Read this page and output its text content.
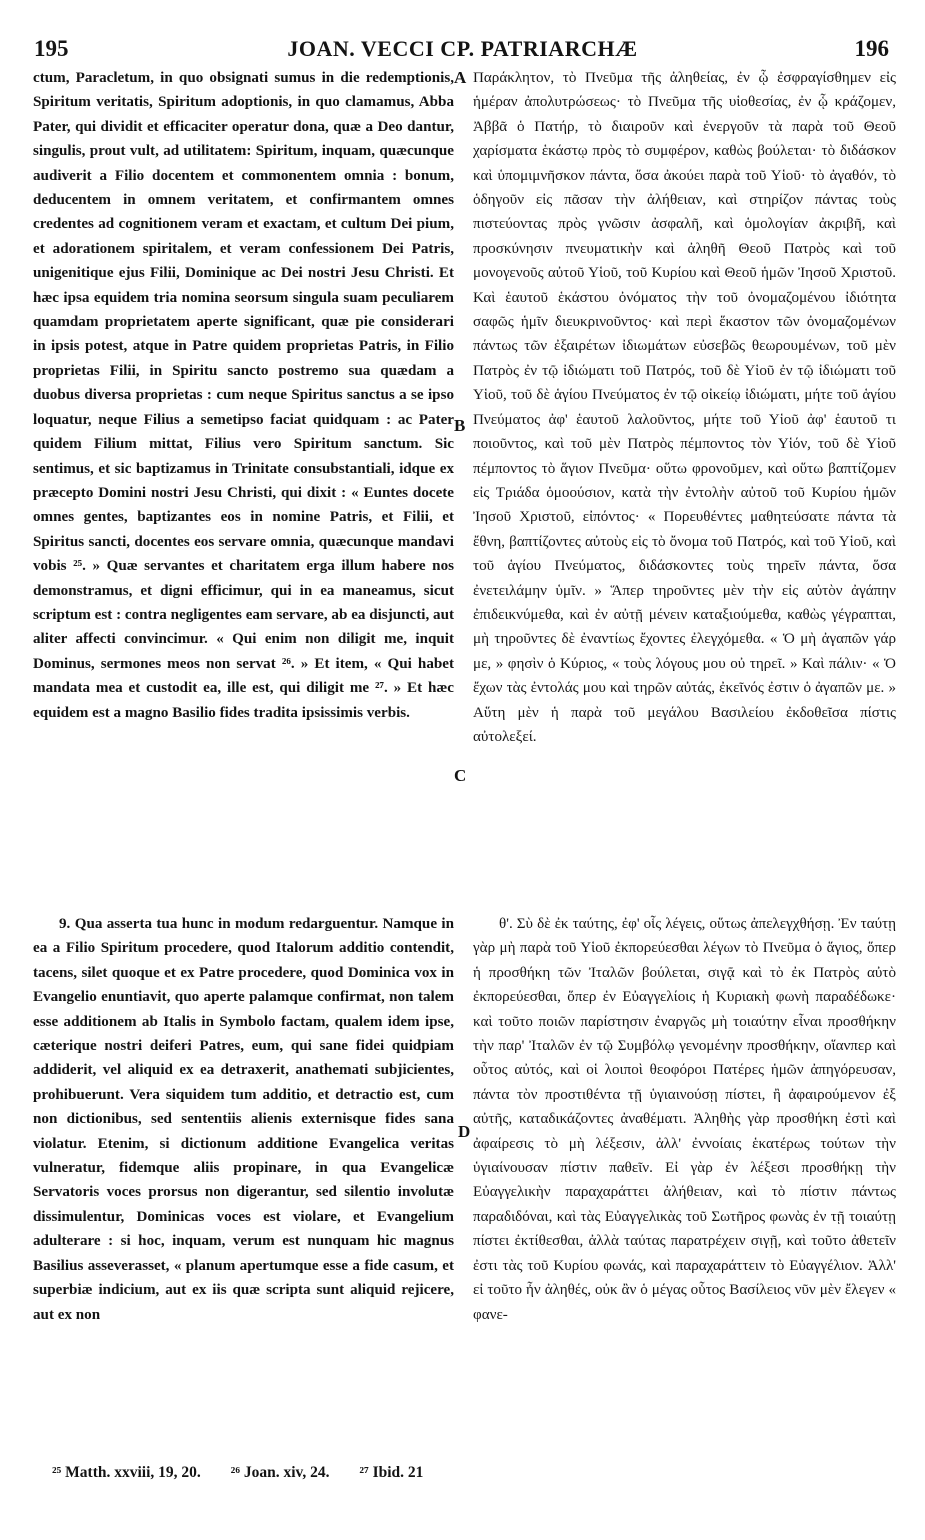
195	JOAN. VECCI CP. PATRIARCHÆ	196

ctum, Paracletum, in quo obsignati sumus in die redemptionis, Spiritum veritatis, Spiritum adoptionis, in quo clamamus, Abba Pater, qui dividit et efficaciter operatur dona, quæ a Deo dantur, singulis, prout vult, ad utilitatem: Spiritum, inquam, quæcunque audiverit a Filio docentem et commonentem omnia : bonum, deducentem in omnem veritatem, et confirmantem omnes credentes ad cognitionem veram et exactam, et cultum Dei pium, et adorationem spiritalem, et veram confessionem Dei Patris, unigenitique ejus Filii, Dominique ac Dei nostri Jesu Christi. Et hæc ipsa equidem tria nomina seorsum singula suam peculiarem quamdam proprietatem aperte significant, quæ pie considerari in ipsis potest, atque in Patre quidem proprietas Patris, in Filio proprietas Filii, in Spiritu sancto postremo sua quædam a duobus diversa proprietas : cum neque Spiritus sanctus a se ipso loquatur, neque Filius a semetipso faciat quidquam : ac Pater quidem Filium mittat, Filius vero Spiritum sanctum. Sic sentimus, et sic baptizamus in Trinitate consubstantiali, idque ex præcepto Domini nostri Jesu Christi, qui dixit : « Euntes docete omnes gentes, baptizantes eos in nomine Patris, et Filii, et Spiritus sancti, docentes eos servare omnia, quæcunque mandavi vobis ²⁵. » Quæ servantes et charitatem erga illum habere nos demonstramus, et digni efficimur, qui in ea maneamus, sicut scriptum est : contra negligentes eam servare, ab ea disjuncti, aut aliter affecti convincimur. « Qui enim non diligit me, inquit Dominus, sermones meos non servat ²⁶. » Et item, « Qui habet mandata mea et custodit ea, ille est, qui diligit me ²⁷. » Et hæc equidem est a magno Basilio fides tradita ipsissimis verbis.

9. Qua asserta tua hunc in modum redarguentur. Namque in ea a Filio Spiritum procedere, quod Italorum additio contendit, tacens, silet quoque et ex Patre procedere, quod Dominica vox in Evangelio enuntiavit, quo aperte palamque confirmat, non talem esse additionem ab Italis in Symbolo factam, qualem idem ipse, cæterique nostri deiferi Patres, eum, qui sane fidei quidpiam addiderit, vel aliquid ex ea detraxerit, anathemati subjicientes, prohibuerunt. Vera siquidem tum additio, et detractio est, cum non dictionibus, sed sententiis alienis externisque fides sana violatur. Etenim, si dictionum additione Evangelica veritas vulneratur, fidemque aliis propinare, in qua Evangelicæ Servatoris voces prorsus non digerantur, sed silentio involutæ dissimulentur, Dominicas voces est violare, et Evangelium adulterare : si hoc, inquam, verum est nunquam hic magnus Basilius asseverasset, « planum apertumque esse a fide casum, et superbiæ indicium, aut ex iis quæ scripta sunt aliquid rejicere, aut ex non

Παράκλητον, τὸ Πνεῦμα τῆς ἀληθείας, ἐν ᾧ ἐσφραγίσθημεν εἰς ἡμέραν ἀπολυτρώσεως· τὸ Πνεῦμα τῆς υἱοθεσίας, ἐν ᾧ κράζομεν, Ἀββᾶ ὁ Πατήρ, τὸ διαιροῦν καὶ ἐνεργοῦν τὰ παρὰ τοῦ Θεοῦ χαρίσματα ἑκάστῳ πρὸς τὸ συμφέρον, καθὼς βούλεται· τὸ διδάσκον καὶ ὑπομιμνῆσκον πάντα, ὅσα ἀκούει παρὰ τοῦ Υἱοῦ· τὸ ἀγαθόν, τὸ ὁδηγοῦν εἰς πᾶσαν τὴν ἀλήθειαν, καὶ στηρίζον πάντας τοὺς πιστεύοντας πρὸς γνῶσιν ἀσφαλῆ, καὶ ὁμολογίαν ἀκριβῆ, καὶ προσκύνησιν πνευματικὴν καὶ ἀληθῆ Θεοῦ Πατρὸς καὶ τοῦ μονογενοῦς αὐτοῦ Υἱοῦ, τοῦ Κυρίου καὶ Θεοῦ ἡμῶν Ἰησοῦ Χριστοῦ. Καὶ ἑαυτοῦ ἑκάστου ὀνόματος τὴν τοῦ ὀνομαζομένου ἰδιότητα σαφῶς ἡμῖν διευκρινοῦντος· καὶ περὶ ἕκαστον τῶν ὀνομαζομένων πάντως τῶν ἐξαιρέτων ἰδιωμάτων εὐσεβῶς θεωρουμένων, τοῦ μὲν Πατρὸς ἐν τῷ ἰδιώματι τοῦ Πατρός, τοῦ δὲ Υἱοῦ ἐν τῷ ἰδιώματι τοῦ Υἱοῦ, τοῦ δὲ ἁγίου Πνεύματος ἐν τῷ οἰκείῳ ἰδιώματι, μήτε τοῦ ἁγίου Πνεύματος ἀφ' ἑαυτοῦ λαλοῦντος, μήτε τοῦ Υἱοῦ ἀφ' ἑαυτοῦ τι ποιοῦντος, καὶ τοῦ μὲν Πατρὸς πέμποντος τὸν Υἱόν, τοῦ δὲ Υἱοῦ πέμποντος τὸ ἅγιον Πνεῦμα· οὕτω φρονοῦμεν, καὶ οὕτω βαπτίζομεν εἰς Τριάδα ὁμοούσιον, κατὰ τὴν ἐντολὴν αὐτοῦ τοῦ Κυρίου ἡμῶν Ἰησοῦ Χριστοῦ, εἰπόντος· « Πορευθέντες μαθητεύσατε πάντα τὰ ἔθνη, βαπτίζοντες αὐτοὺς εἰς τὸ ὄνομα τοῦ Πατρός, καὶ τοῦ Υἱοῦ, καὶ τοῦ ἁγίου Πνεύματος, διδάσκοντες τοὺς τηρεῖν πάντα, ὅσα ἐνετειλάμην ὑμῖν. » Ἅπερ τηροῦντες μὲν τὴν εἰς αὐτὸν ἀγάπην ἐπιδεικνύμεθα, καὶ ἐν αὐτῇ μένειν καταξιούμεθα, καθὼς γέγραπται, μὴ τηροῦντες δὲ ἐναντίως ἔχοντες ἐλεγχόμεθα. « Ὁ μὴ ἀγαπῶν γάρ με, » φησὶν ὁ Κύριος, « τοὺς λόγους μου οὐ τηρεῖ. » Καὶ πάλιν· « Ὁ ἔχων τὰς ἐντολάς μου καὶ τηρῶν αὐτάς, ἐκεῖνός ἐστιν ὁ ἀγαπῶν με. » Αὕτη μὲν ἡ παρὰ τοῦ μεγάλου Βασιλείου ἐκδοθεῖσα πίστις αὐτολεξεί.

θ'. Σὺ δὲ ἐκ ταύτης, ἐφ' οἷς λέγεις, οὕτως ἀπελεγχθήσῃ. Ἐν ταύτῃ γὰρ μὴ παρὰ τοῦ Υἱοῦ ἐκπορεύεσθαι λέγων τὸ Πνεῦμα ὁ ἅγιος, ὅπερ ἡ προσθήκη τῶν Ἰταλῶν βούλεται, σιγᾷ καὶ τὸ ἐκ Πατρὸς αὐτὸ ἐκπορεύεσθαι, ὅπερ ἐν Εὐαγγελίοις ἡ Κυριακὴ φωνὴ παραδέδωκε· καὶ τοῦτο ποιῶν παρίστησιν ἐναργῶς μὴ τοιαύτην εἶναι προσθήκην τὴν παρ' Ἰταλῶν ἐν τῷ Συμβόλῳ γενομένην προσθήκην, οἵανπερ καὶ οὗτος αὐτός, καὶ οἱ λοιποὶ θεοφόροι Πατέρες ἡμῶν ἀπηγόρευσαν, πάντα τὸν προστιθέντα τῇ ὑγιαινούσῃ πίστει, ἢ ἀφαιρούμενον ἐξ αὐτῆς, καταδικάζοντες ἀναθέματι. Ἀληθὴς γὰρ προσθήκη ἐστὶ καὶ ἀφαίρεσις τὸ μὴ λέξεσιν, ἀλλ' ἐννοίαις ἑκατέρως τούτων τὴν ὑγιαίνουσαν πίστιν παθεῖν. Εἰ γὰρ ἐν λέξεσι προσθήκῃ τὴν Εὐαγγελικὴν παραχαράττει ἀλήθειαν, καὶ τὸ πίστιν πάντως παραδιδόναι, καὶ τὰς Εὐαγγελικὰς τοῦ Σωτῆρος φωνὰς ἐν τῇ τοιαύτῃ πίστει ἐκτίθεσθαι, ἀλλὰ ταύτας παρατρέχειν σιγῇ, καὶ τοῦτο ἀθετεῖν ἐστι τὰς τοῦ Κυρίου φωνάς, καὶ παραχαράττειν τὸ Εὐαγγέλιον. Ἀλλ' εἰ τοῦτο ἦν ἀληθές, οὐκ ἂν ὁ μέγας οὗτος Βασίλειος νῦν μὲν ἔλεγεν « φανε-

A
B
C
D
²⁵ Matth. xxviii, 19, 20. ²⁶ Joan. xiv, 24. ²⁷ Ibid. 21
